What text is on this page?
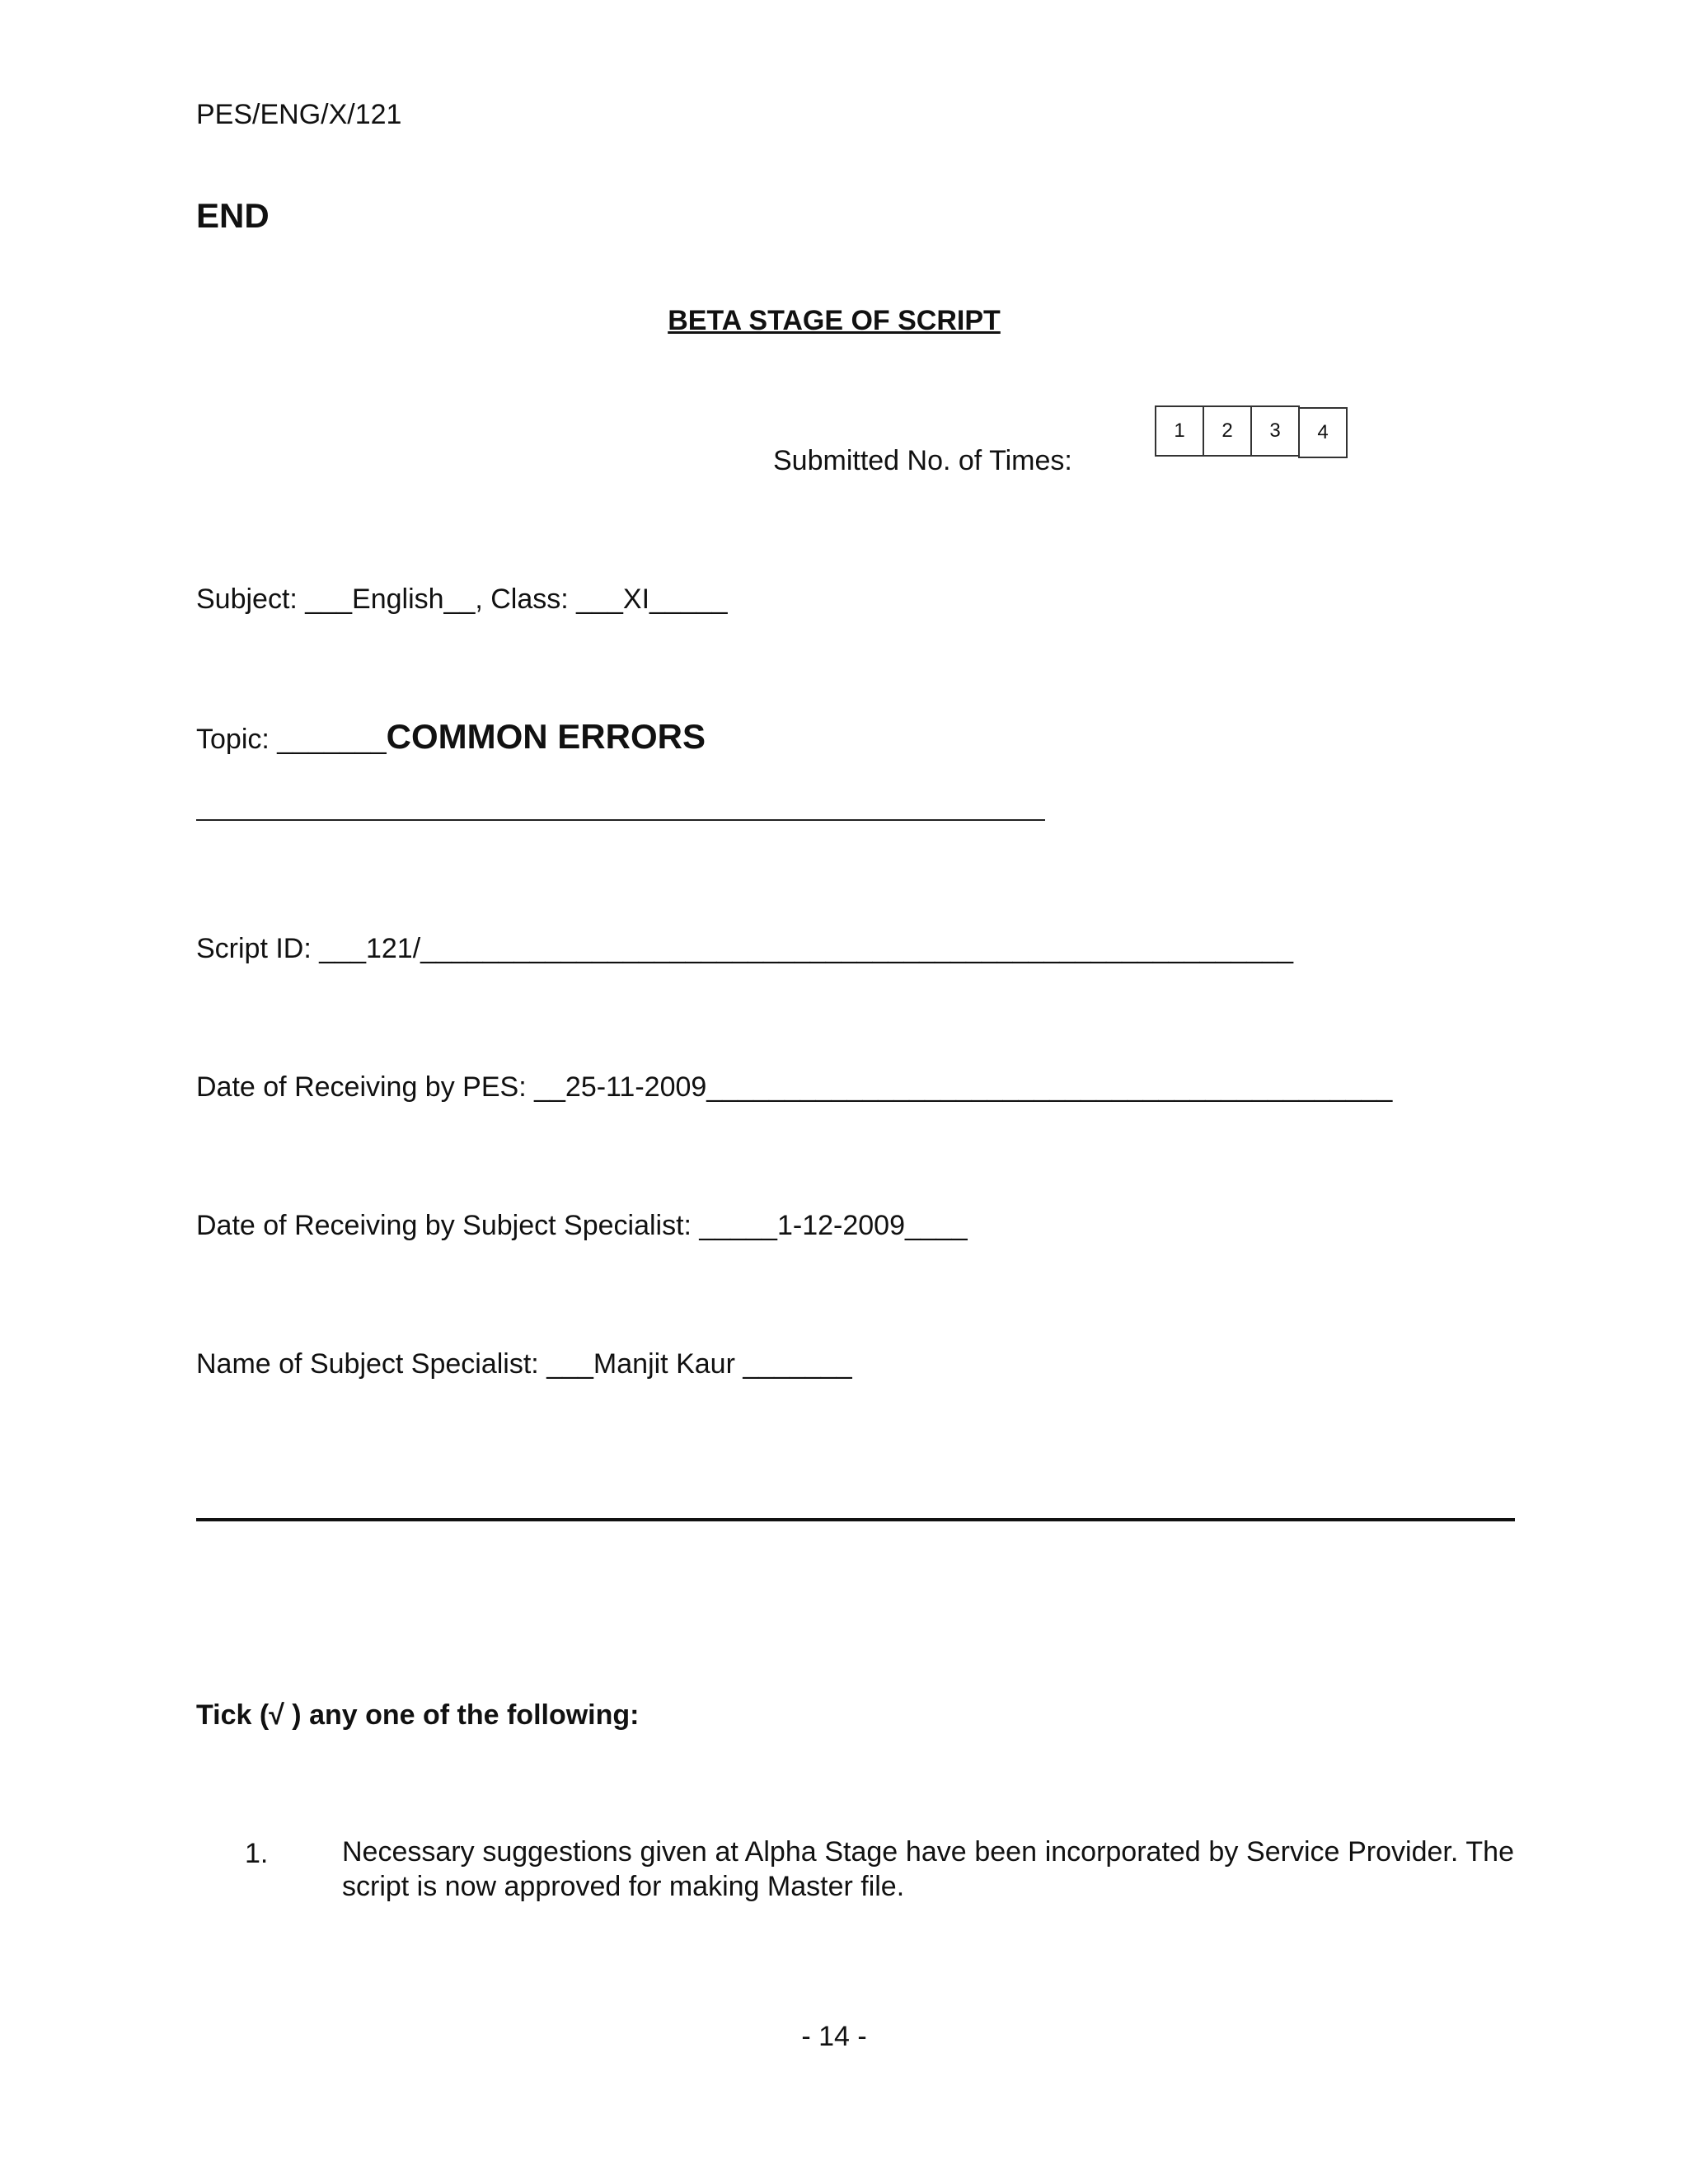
PES/ENG/X/121
END
BETA STAGE OF SCRIPT
Submitted No. of Times:
1	2	3	4
Subject: ___English__, Class: ___XI_____
Topic: _______COMMON ERRORS
Script ID: ___121/________________________________________________________
Date of Receiving by PES: __25-11-2009____________________________________________
Date of Receiving by Subject Specialist: _____1-12-2009____
Name of Subject Specialist: ___Manjit Kaur _______
Tick (√ ) any one of the following:
1.	Necessary suggestions given at Alpha Stage have been incorporated by Service Provider. The script is now approved for making Master file.
- 14 -
